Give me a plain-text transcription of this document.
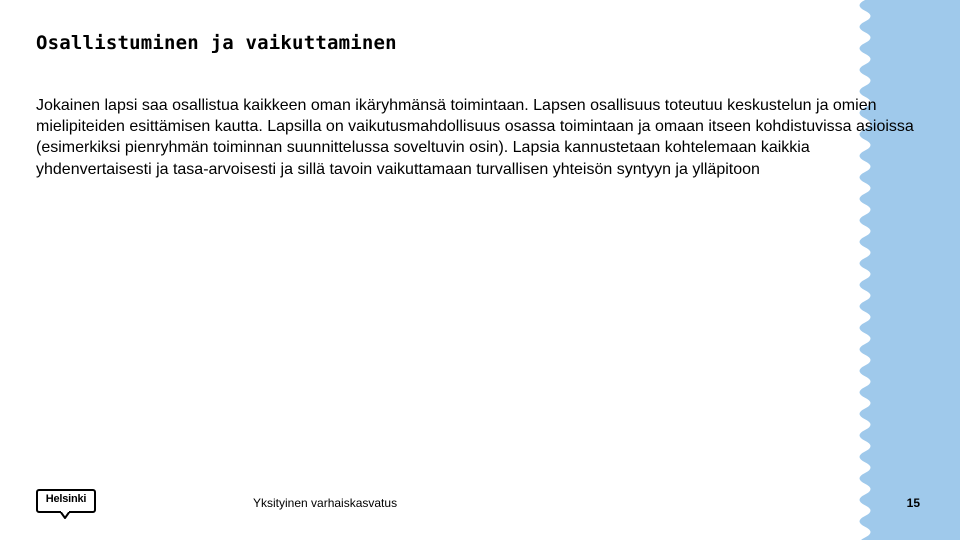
Osallistuminen ja vaikuttaminen

Jokainen lapsi saa osallistua kaikkeen oman ikäryhmänsä toimintaan. Lapsen osallisuus toteutuu keskustelun ja omien mielipiteiden esittämisen kautta. Lapsilla on vaikutusmahdollisuus osassa toimintaan ja omaan itseen kohdistuvissa asioissa (esimerkiksi pienryhmän toiminnan suunnittelussa soveltuvin osin). Lapsia kannustetaan kohtelemaan kaikkia yhdenvertaisesti ja tasa-arvoisesti ja sillä tavoin vaikuttamaan turvallisen yhteisön syntyyn ja ylläpitoon

Helsinki	Yksityinen varhaiskasvatus	15
